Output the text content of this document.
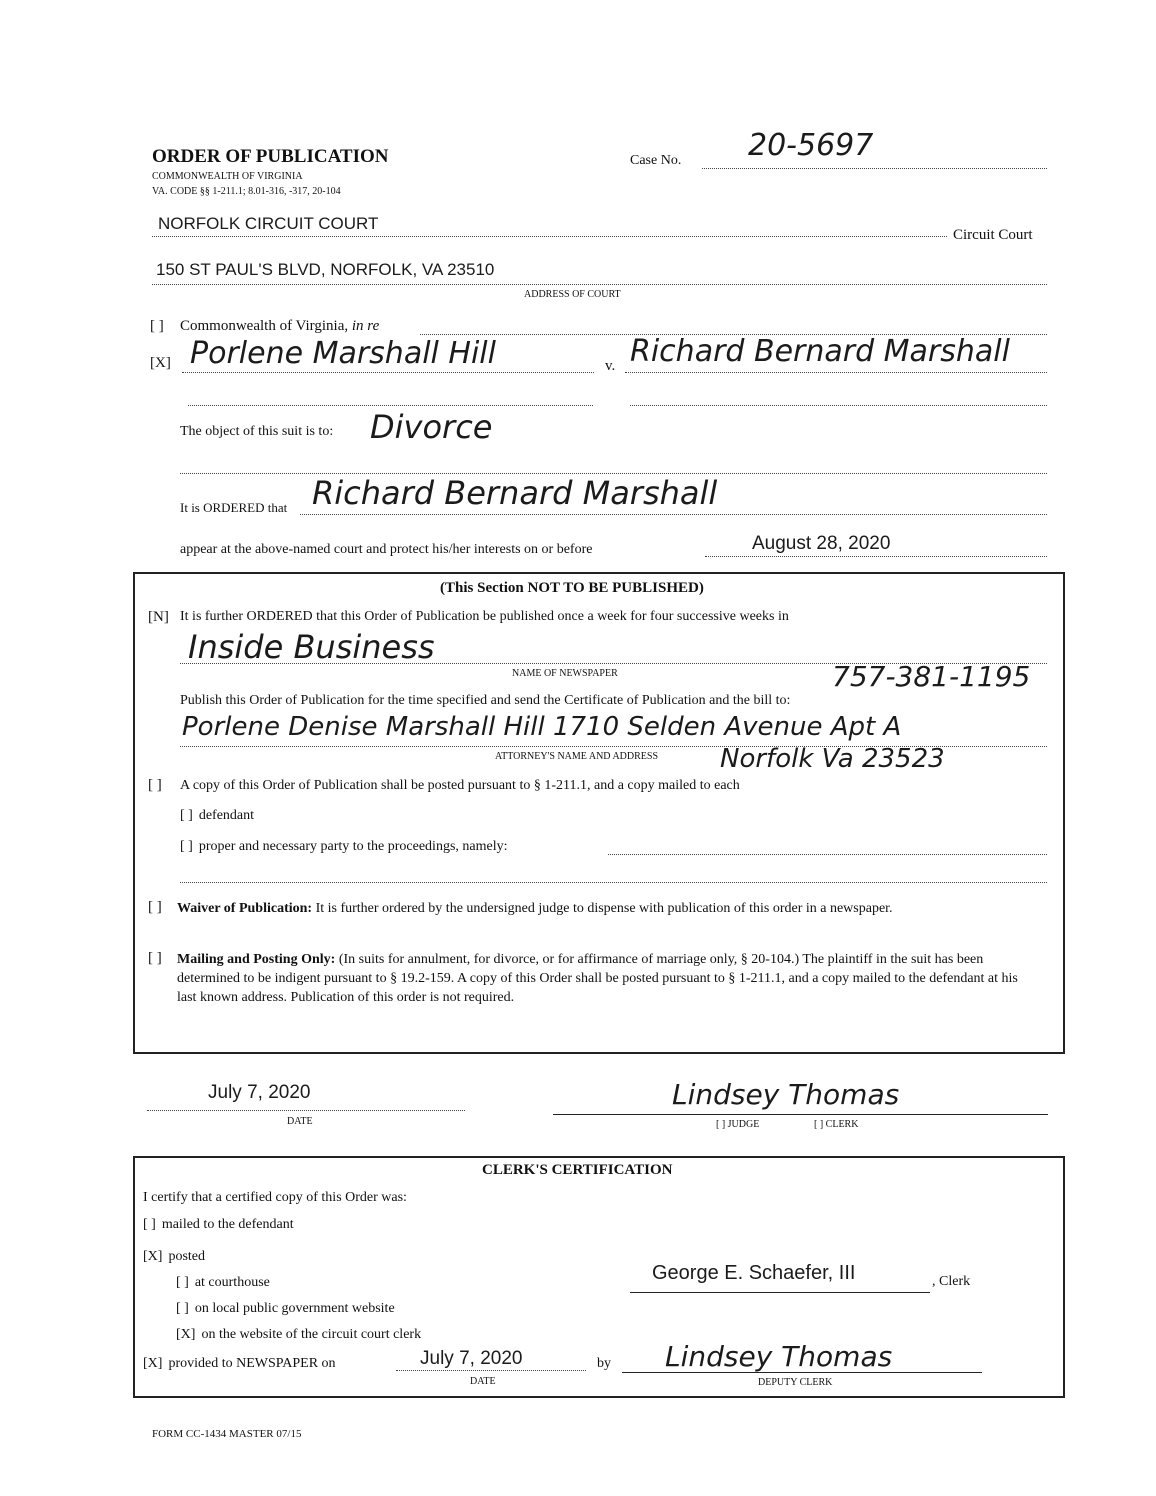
ORDER OF PUBLICATION
COMMONWEALTH OF VIRGINIA
VA. CODE §§ 1-211.1; 8.01-316, -317, 20-104
Case No. 20-5697
NORFOLK CIRCUIT COURT
Circuit Court
150 ST PAUL'S BLVD, NORFOLK, VA 23510
ADDRESS OF COURT
[ ] Commonwealth of Virginia, in re
[X] Porlene Marshall Hill	v. Richard Bernard Marshall
The object of this suit is to: Divorce
It is ORDERED that Richard Bernard Marshall
appear at the above-named court and protect his/her interests on or before	August 28, 2020
(This Section NOT TO BE PUBLISHED)
[N] It is further ORDERED that this Order of Publication be published once a week for four successive weeks in
Inside Business
NAME OF NEWSPAPER	757-381-1195
Publish this Order of Publication for the time specified and send the Certificate of Publication and the bill to:
Porlene Denise Marshall Hill 1710 Selden Avenue Apt A
ATTORNEY'S NAME AND ADDRESS Norfolk Va 23523
[ ] A copy of this Order of Publication shall be posted pursuant to § 1-211.1, and a copy mailed to each
[ ] defendant
[ ] proper and necessary party to the proceedings, namely:
[ ] Waiver of Publication: It is further ordered by the undersigned judge to dispense with publication of this order in a newspaper.
[ ] Mailing and Posting Only: (In suits for annulment, for divorce, or for affirmance of marriage only, § 20-104.) The plaintiff in the suit has been determined to be indigent pursuant to § 19.2-159. A copy of this Order shall be posted pursuant to § 1-211.1, and a copy mailed to the defendant at his last known address. Publication of this order is not required.
July 7, 2020
DATE
Lindsey Thomas
[ ] JUDGE	[ ] CLERK
CLERK'S CERTIFICATION
I certify that a certified copy of this Order was:
[ ] mailed to the defendant
[X] posted
[ ] at courthouse
[ ] on local public government website
[X] on the website of the circuit court clerk
[X] provided to NEWSPAPER on	July 7, 2020
DATE
by
George E. Schaefer, III	, Clerk
Lindsey Thomas
DEPUTY CLERK
FORM CC-1434 MASTER 07/15
